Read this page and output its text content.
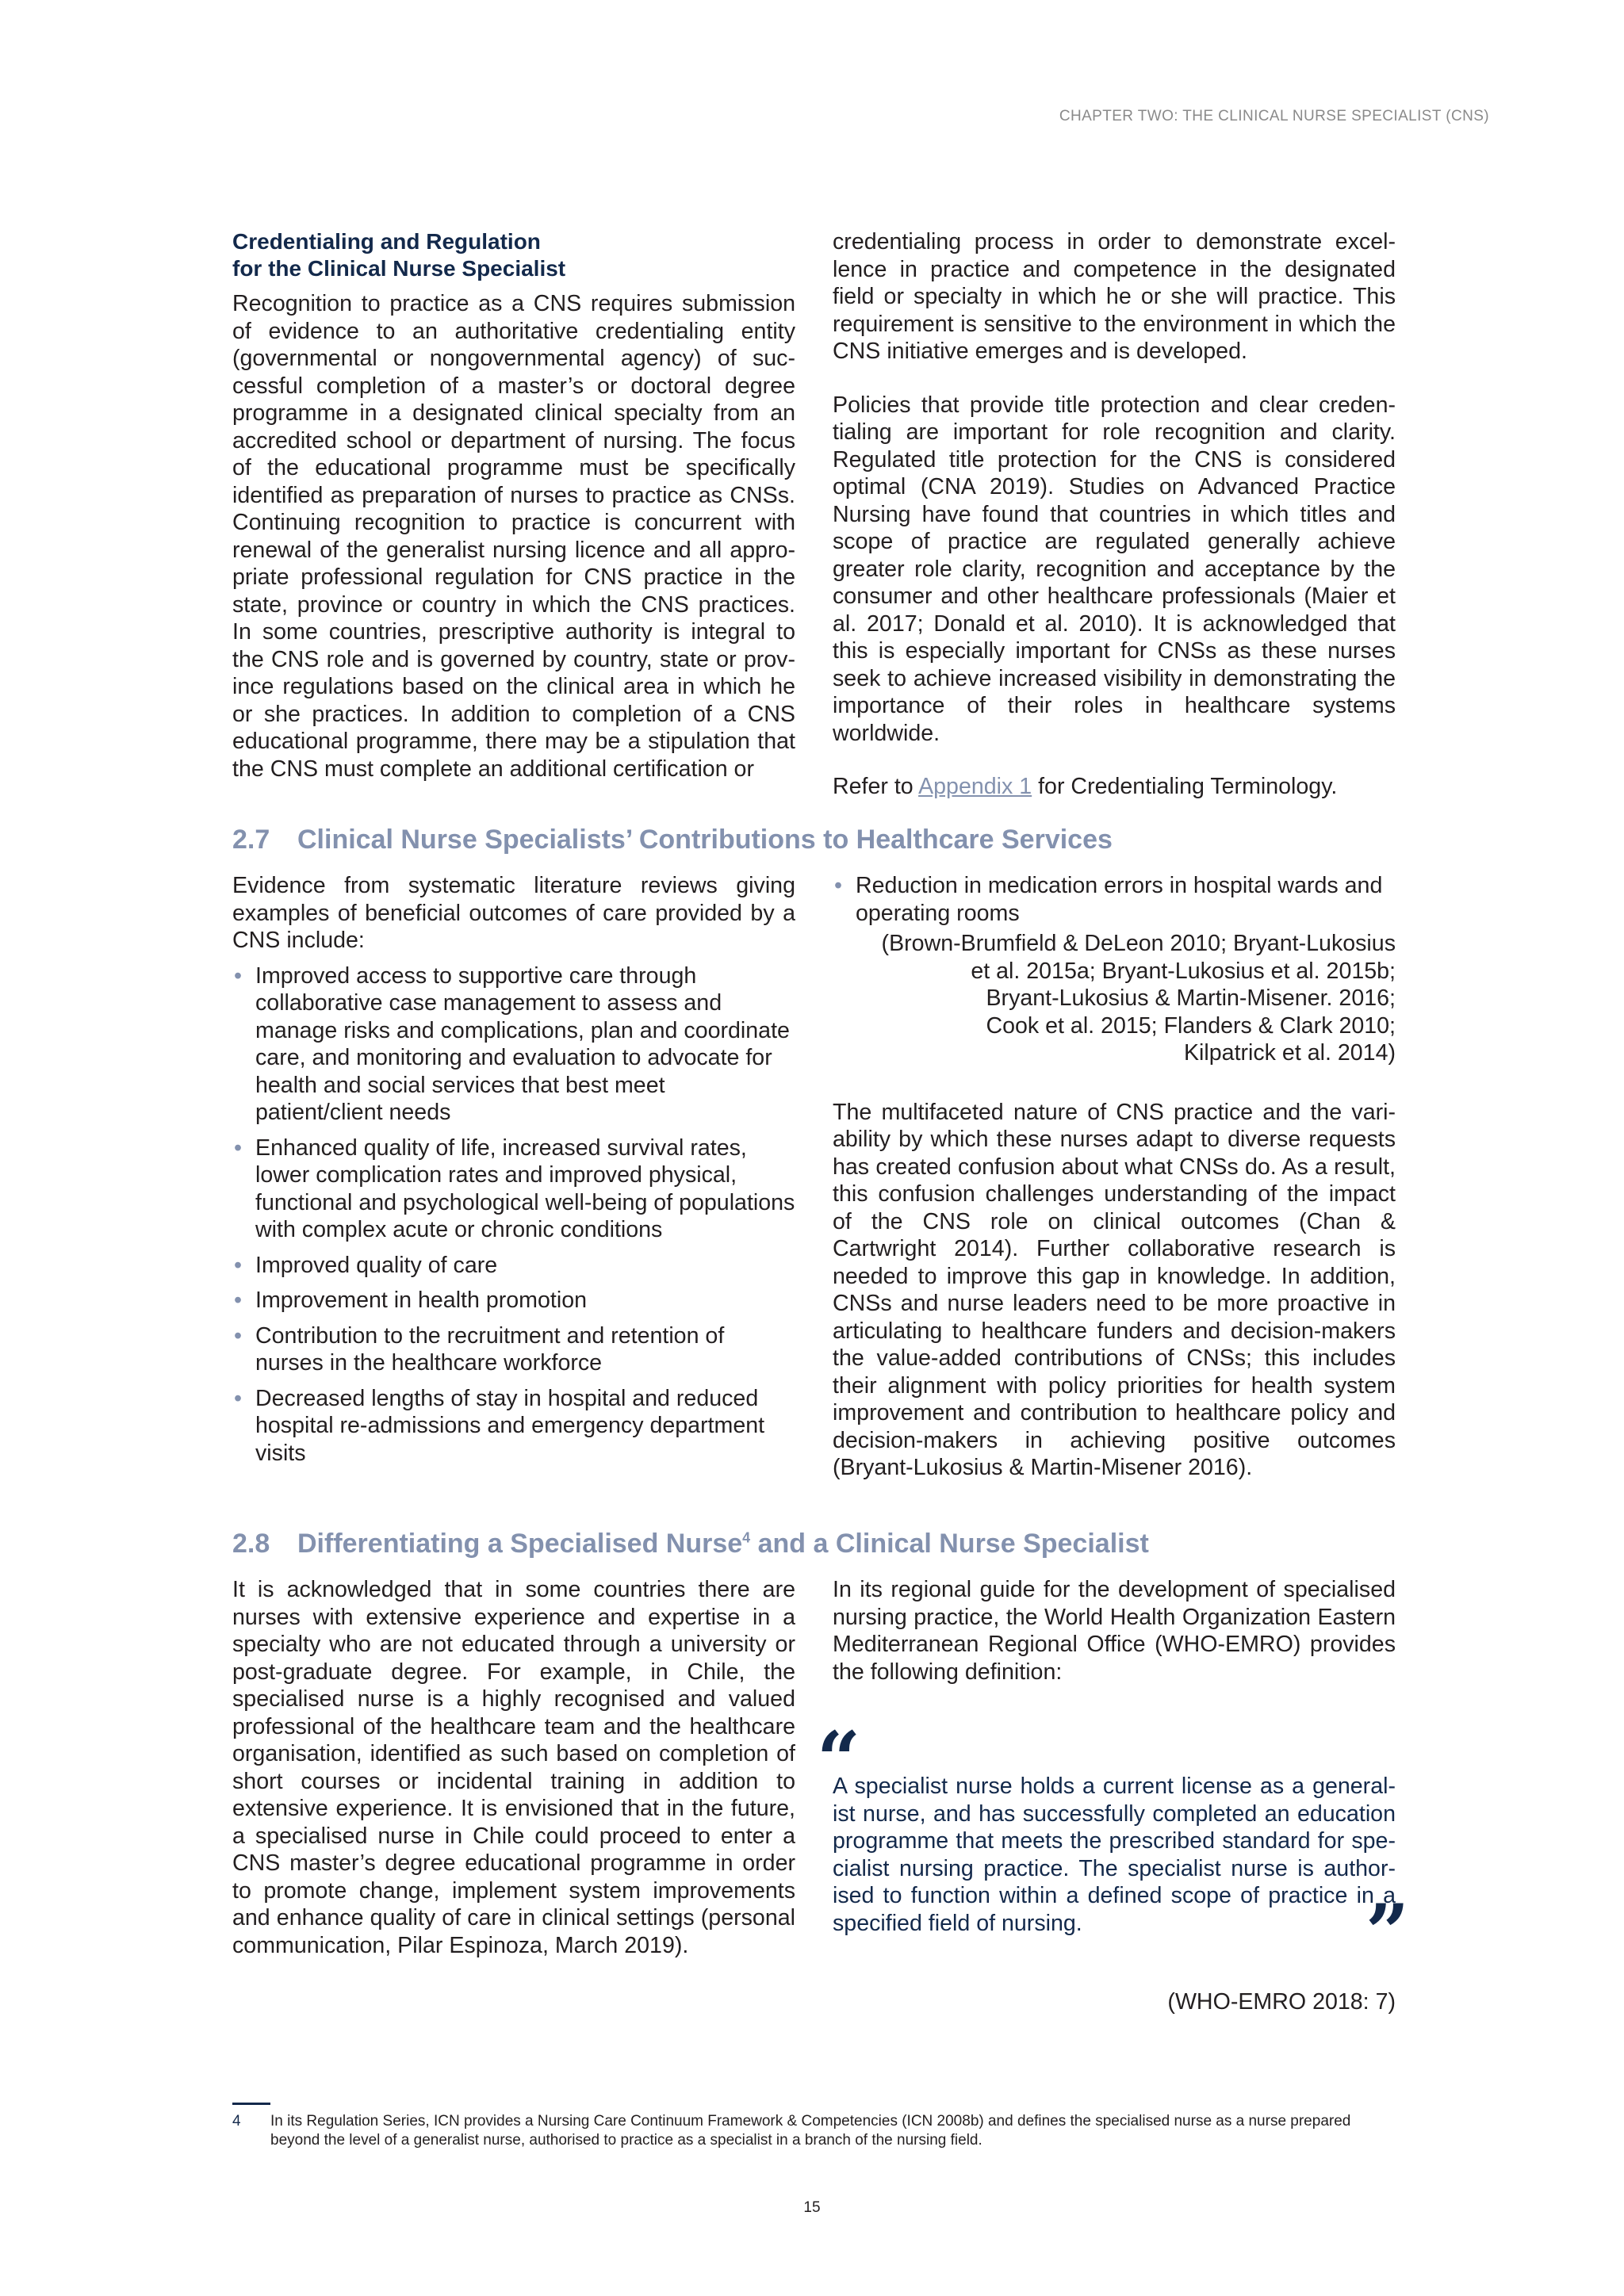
CHAPTER TWO: THE CLINICAL NURSE SPECIALIST (CNS)
Credentialing and Regulation
for the Clinical Nurse Specialist

Recognition to practice as a CNS requires submission of evidence to an authoritative credentialing entity (governmental or nongovernmental agency) of successful completion of a master’s or doctoral degree programme in a designated clinical specialty from an accredited school or department of nursing. The focus of the educational programme must be specifically identified as preparation of nurses to practice as CNSs. Continuing recognition to practice is concurrent with renewal of the generalist nursing licence and all appropriate professional regulation for CNS practice in the state, province or country in which the CNS practices. In some countries, prescriptive authority is integral to the CNS role and is governed by country, state or province regulations based on the clinical area in which he or she practices. In addition to completion of a CNS educational programme, there may be a stipulation that the CNS must complete an additional certification or

credentialing process in order to demonstrate excellence in practice and competence in the designated field or specialty in which he or she will practice. This requirement is sensitive to the environment in which the CNS initiative emerges and is developed.

Policies that provide title protection and clear credentialing are important for role recognition and clarity. Regulated title protection for the CNS is considered optimal (CNA 2019). Studies on Advanced Practice Nursing have found that countries in which titles and scope of practice are regulated generally achieve greater role clarity, recognition and acceptance by the consumer and other healthcare professionals (Maier et al. 2017; Donald et al. 2010). It is acknowledged that this is especially important for CNSs as these nurses seek to achieve increased visibility in demonstrating the importance of their roles in healthcare systems worldwide.

Refer to Appendix 1 for Credentialing Terminology.

2.7 Clinical Nurse Specialists’ Contributions to Healthcare Services

Evidence from systematic literature reviews giving examples of beneficial outcomes of care provided by a CNS include:

• Improved access to supportive care through collaborative case management to assess and manage risks and complications, plan and coordinate care, and monitoring and evaluation to advocate for health and social services that best meet patient/client needs
• Enhanced quality of life, increased survival rates, lower complication rates and improved physical, functional and psychological well-being of populations with complex acute or chronic conditions
• Improved quality of care
• Improvement in health promotion
• Contribution to the recruitment and retention of nurses in the healthcare workforce
• Decreased lengths of stay in hospital and reduced hospital re-admissions and emergency department visits
• Reduction in medication errors in hospital wards and operating rooms
(Brown-Brumfield & DeLeon 2010; Bryant-Lukosius
et al. 2015a; Bryant-Lukosius et al. 2015b;
Bryant-Lukosius & Martin-Misener. 2016;
Cook et al. 2015; Flanders & Clark 2010;
Kilpatrick et al. 2014)

The multifaceted nature of CNS practice and the variability by which these nurses adapt to diverse requests has created confusion about what CNSs do. As a result, this confusion challenges understanding of the impact of the CNS role on clinical outcomes (Chan & Cartwright 2014). Further collaborative research is needed to improve this gap in knowledge. In addition, CNSs and nurse leaders need to be more proactive in articulating to healthcare funders and decision-makers the value-added contributions of CNSs; this includes their alignment with policy priorities for health system improvement and contribution to healthcare policy and decision-makers in achieving positive outcomes (Bryant-Lukosius & Martin-Misener 2016).

2.8 Differentiating a Specialised Nurse$^4$ and a Clinical Nurse Specialist

It is acknowledged that in some countries there are nurses with extensive experience and expertise in a specialty who are not educated through a university or post-graduate degree. For example, in Chile, the specialised nurse is a highly recognised and valued professional of the healthcare team and the healthcare organisation, identified as such based on completion of short courses or incidental training in addition to extensive experience. It is envisioned that in the future, a specialised nurse in Chile could proceed to enter a CNS master’s degree educational programme in order to promote change, implement system improvements and enhance quality of care in clinical settings (personal communication, Pilar Espinoza, March 2019).

In its regional guide for the development of specialised nursing practice, the World Health Organization Eastern Mediterranean Regional Office (WHO-EMRO) provides the following definition:

“

A specialist nurse holds a current license as a generalist nurse, and has successfully completed an education programme that meets the prescribed standard for specialist nursing practice. The specialist nurse is authorised to function within a defined scope of practice in a specified field of nursing.	”

(WHO-EMRO 2018: 7)

4 In its Regulation Series, ICN provides a Nursing Care Continuum Framework & Competencies (ICN 2008b) and defines the specialised nurse as a nurse prepared beyond the level of a generalist nurse, authorised to practice as a specialist in a branch of the nursing field.
15
